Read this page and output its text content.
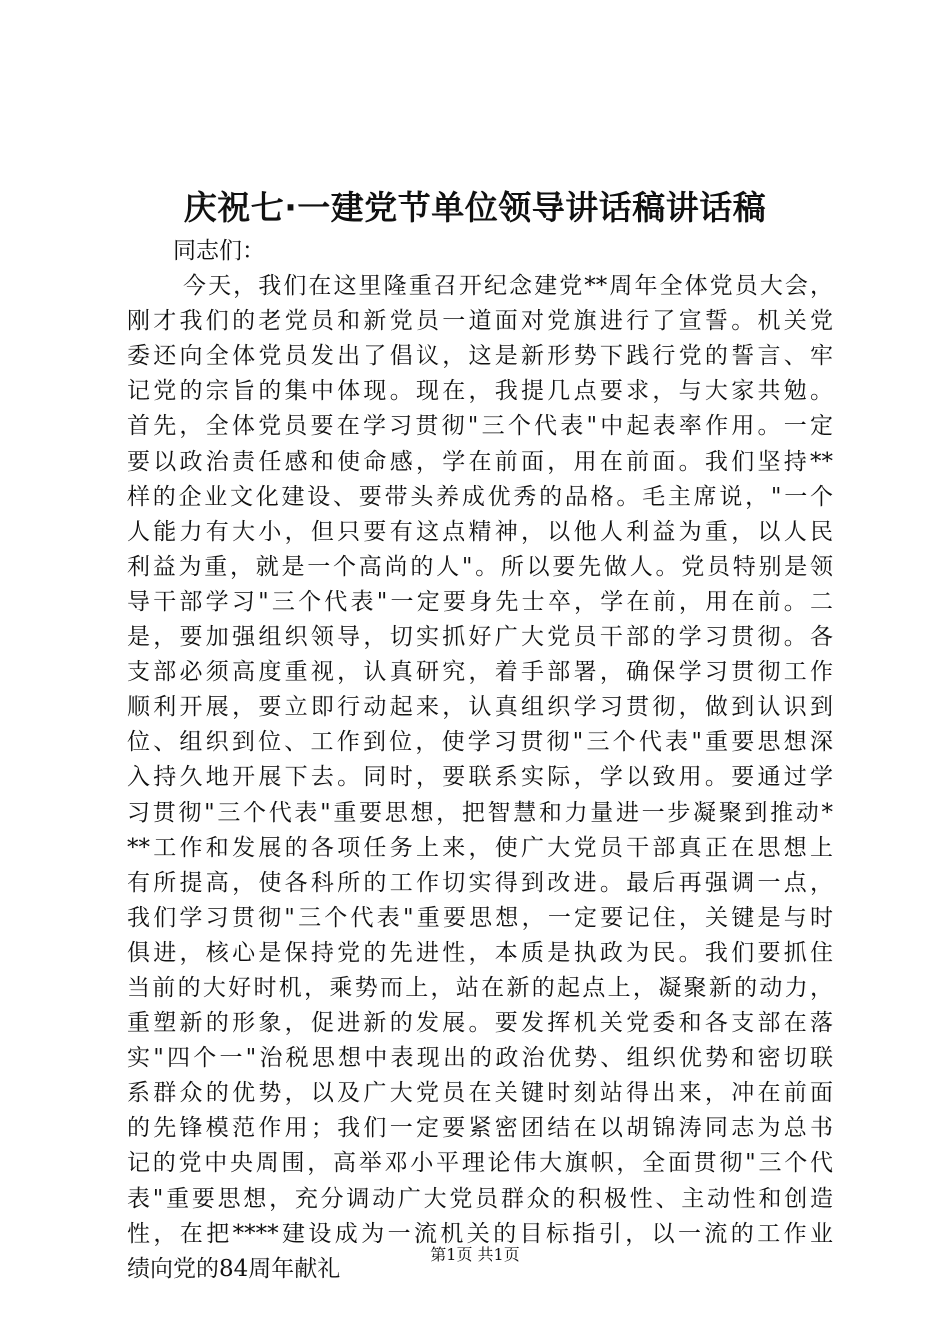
庆祝七·一建党节单位领导讲话稿讲话稿
同志们：
今天，我们在这里隆重召开纪念建党**周年全体党员大会，
刚才我们的老党员和新党员一道面对党旗进行了宣誓。机关党
委还向全体党员发出了倡议，这是新形势下践行党的誓言、牢
记党的宗旨的集中体现。现在，我提几点要求，与大家共勉。
首先，全体党员要在学习贯彻"三个代表"中起表率作用。一定
要以政治责任感和使命感，学在前面，用在前面。我们坚持**
样的企业文化建设、要带头养成优秀的品格。毛主席说，"一个
人能力有大小，但只要有这点精神，以他人利益为重，以人民
利益为重，就是一个高尚的人"。所以要先做人。党员特别是领
导干部学习"三个代表"一定要身先士卒，学在前，用在前。二
是，要加强组织领导，切实抓好广大党员干部的学习贯彻。各
支部必须高度重视，认真研究，着手部署，确保学习贯彻工作
顺利开展，要立即行动起来，认真组织学习贯彻，做到认识到
位、组织到位、工作到位，使学习贯彻"三个代表"重要思想深
入持久地开展下去。同时，要联系实际，学以致用。要通过学
习贯彻"三个代表"重要思想，把智慧和力量进一步凝聚到推动*
**工作和发展的各项任务上来，使广大党员干部真正在思想上
有所提高，使各科所的工作切实得到改进。最后再强调一点，
我们学习贯彻"三个代表"重要思想，一定要记住，关键是与时
俱进，核心是保持党的先进性，本质是执政为民。我们要抓住
当前的大好时机，乘势而上，站在新的起点上，凝聚新的动力，
重塑新的形象，促进新的发展。要发挥机关党委和各支部在落
实"四个一"治税思想中表现出的政治优势、组织优势和密切联
系群众的优势，以及广大党员在关键时刻站得出来，冲在前面
的先锋模范作用；我们一定要紧密团结在以胡锦涛同志为总书
记的党中央周围，高举邓小平理论伟大旗帜，全面贯彻"三个代
表"重要思想，充分调动广大党员群众的积极性、主动性和创造
性，在把****建设成为一流机关的目标指引，以一流的工作业
绩向党的84周年献礼
第1页 共1页
